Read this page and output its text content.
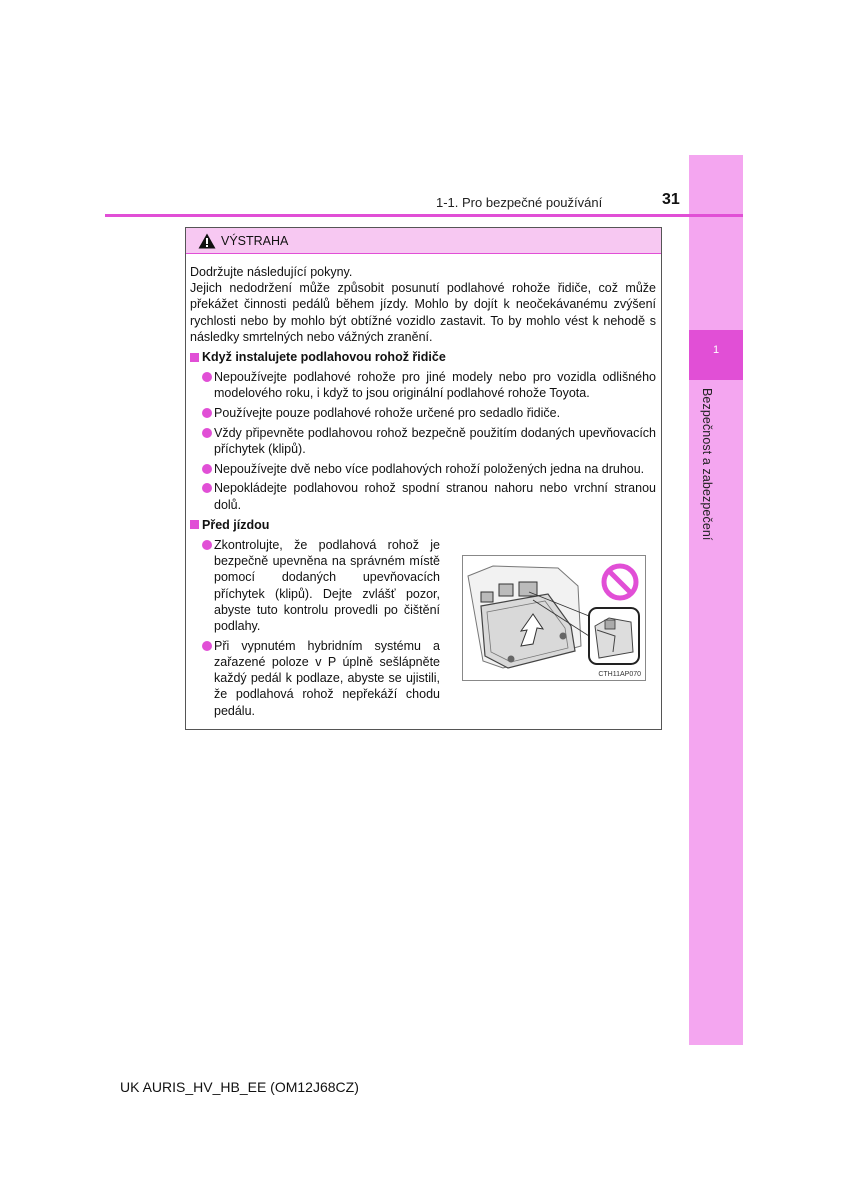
1
Bezpečnost a zabezpečení
1-1. Pro bezpečné používání	31
VÝSTRAHA

Dodržujte následující pokyny.

Jejich nedodržení může způsobit posunutí podlahové rohože řidiče, což může překážet činnosti pedálů během jízdy. Mohlo by dojít k neočekávanému zvýšení rychlosti nebo by mohlo být obtížné vozidlo zastavit. To by mohlo vést k nehodě s následky smrtelných nebo vážných zranění.

Když instalujete podlahovou rohož řidiče
Nepoužívejte podlahové rohože pro jiné modely nebo pro vozidla odlišného modelového roku, i když to jsou originální podlahové rohože Toyota.
Používejte pouze podlahové rohože určené pro sedadlo řidiče.
Vždy připevněte podlahovou rohož bezpečně použitím dodaných upevňovacích příchytek (klipů).
Nepoužívejte dvě nebo více podlahových rohoží položených jedna na druhou.
Nepokládejte podlahovou rohož spodní stranou nahoru nebo vrchní stranou dolů.
Před jízdou
Zkontrolujte, že podlahová rohož je bezpečně upevněna na správném místě pomocí dodaných upevňovacích příchytek (klipů). Dejte zvlášť pozor, abyste tuto kontrolu provedli po čištění podlahy.
Při vypnutém hybridním systému a zařazené poloze v P úplně sešlápněte každý pedál k podlaze, abyste se ujistili, že podlahová rohož nepřekáží chodu pedálu.
CTH11AP070
UK AURIS_HV_HB_EE (OM12J68CZ)
